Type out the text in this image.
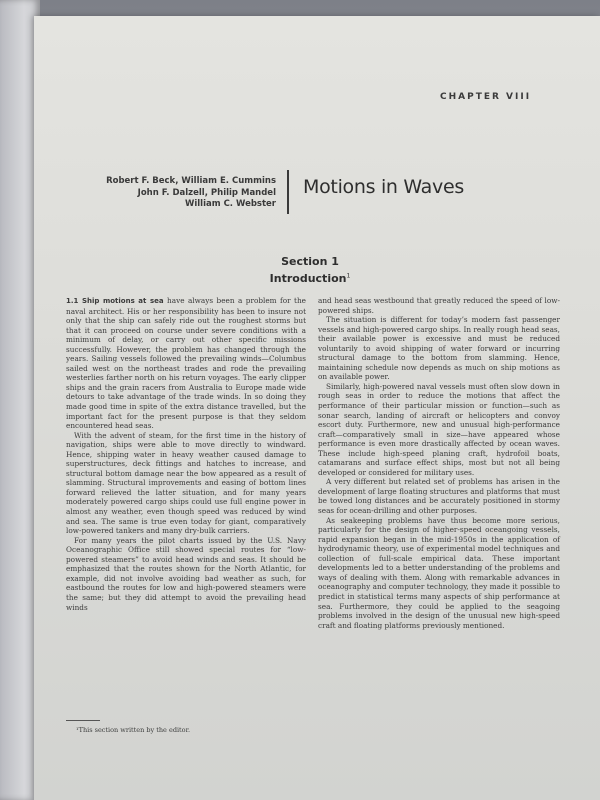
CHAPTER VIII
Robert F. Beck, William E. Cummins
John F. Dalzell, Philip Mandel
William C. Webster
Motions in Waves
Section 1
Introduction$^1$

1.1 Ship motions at sea have always been a problem for the naval architect. His or her responsibility has been to insure not only that the ship can safely ride out the roughest storms but that it can proceed on course under severe conditions with a minimum of delay, or carry out other specific missions successfully. However, the problem has changed through the years. Sailing vessels followed the prevailing winds—Columbus sailed west on the northeast trades and rode the prevailing westerlies farther north on his return voyages. The early clipper ships and the grain racers from Australia to Europe made wide detours to take advantage of the trade winds. In so doing they made good time in spite of the extra distance travelled, but the important fact for the present purpose is that they seldom encountered head seas.

With the advent of steam, for the first time in the history of navigation, ships were able to move directly to windward. Hence, shipping water in heavy weather caused damage to superstructures, deck fittings and hatches to increase, and structural bottom damage near the bow appeared as a result of slamming. Structural improvements and easing of bottom lines forward relieved the latter situation, and for many years moderately powered cargo ships could use full engine power in almost any weather, even though speed was reduced by wind and sea. The same is true even today for giant, comparatively low-powered tankers and many dry-bulk carriers.

For many years the pilot charts issued by the U.S. Navy Oceanographic Office still showed special routes for “low-powered steamers” to avoid head winds and seas. It should be emphasized that the routes shown for the North Atlantic, for example, did not involve avoiding bad weather as such, for eastbound the routes for low and high-powered steamers were the same; but they did attempt to avoid the prevailing head winds

and head seas westbound that greatly reduced the speed of low-powered ships.

The situation is different for today’s modern fast passenger vessels and high-powered cargo ships. In really rough head seas, their available power is excessive and must be reduced voluntarily to avoid shipping of water forward or incurring structural damage to the bottom from slamming. Hence, maintaining schedule now depends as much on ship motions as on available power.

Similarly, high-powered naval vessels must often slow down in rough seas in order to reduce the motions that affect the performance of their particular mission or function—such as sonar search, landing of aircraft or helicopters and convoy escort duty. Furthermore, new and unusual high-performance craft—comparatively small in size—have appeared whose performance is even more drastically affected by ocean waves. These include high-speed planing craft, hydrofoil boats, catamarans and surface effect ships, most but not all being developed or considered for military uses.

A very different but related set of problems has arisen in the development of large floating structures and platforms that must be towed long distances and be accurately positioned in stormy seas for ocean-drilling and other purposes.

As seakeeping problems have thus become more serious, particularly for the design of higher-speed oceangoing vessels, rapid expansion began in the mid-1950s in the application of hydrodynamic theory, use of experimental model techniques and collection of full-scale empirical data. These important developments led to a better understanding of the problems and ways of dealing with them. Along with remarkable advances in oceanography and computer technology, they made it possible to predict in statistical terms many aspects of ship performance at sea. Furthermore, they could be applied to the seagoing problems involved in the design of the unusual new high-speed craft and floating platforms previously mentioned.

¹This section written by the editor.
